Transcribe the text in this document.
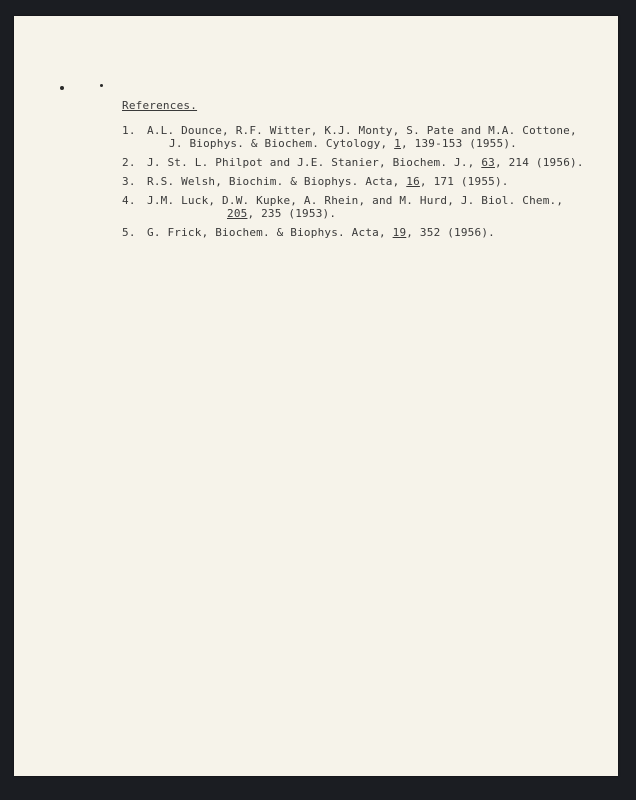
References.
1.	A.L. Dounce, R.F. Witter, K.J. Monty, S. Pate and M.A. Cottone,
J. Biophys. & Biochem. Cytology, 1, 139-153 (1955).
2.	J. St. L. Philpot and J.E. Stanier, Biochem. J., 63, 214 (1956).
3.	R.S. Welsh, Biochim. & Biophys. Acta, 16, 171 (1955).
4.	J.M. Luck, D.W. Kupke, A. Rhein, and M. Hurd, J. Biol. Chem.,
205, 235 (1953).
5.	G. Frick, Biochem. & Biophys. Acta, 19, 352 (1956).
